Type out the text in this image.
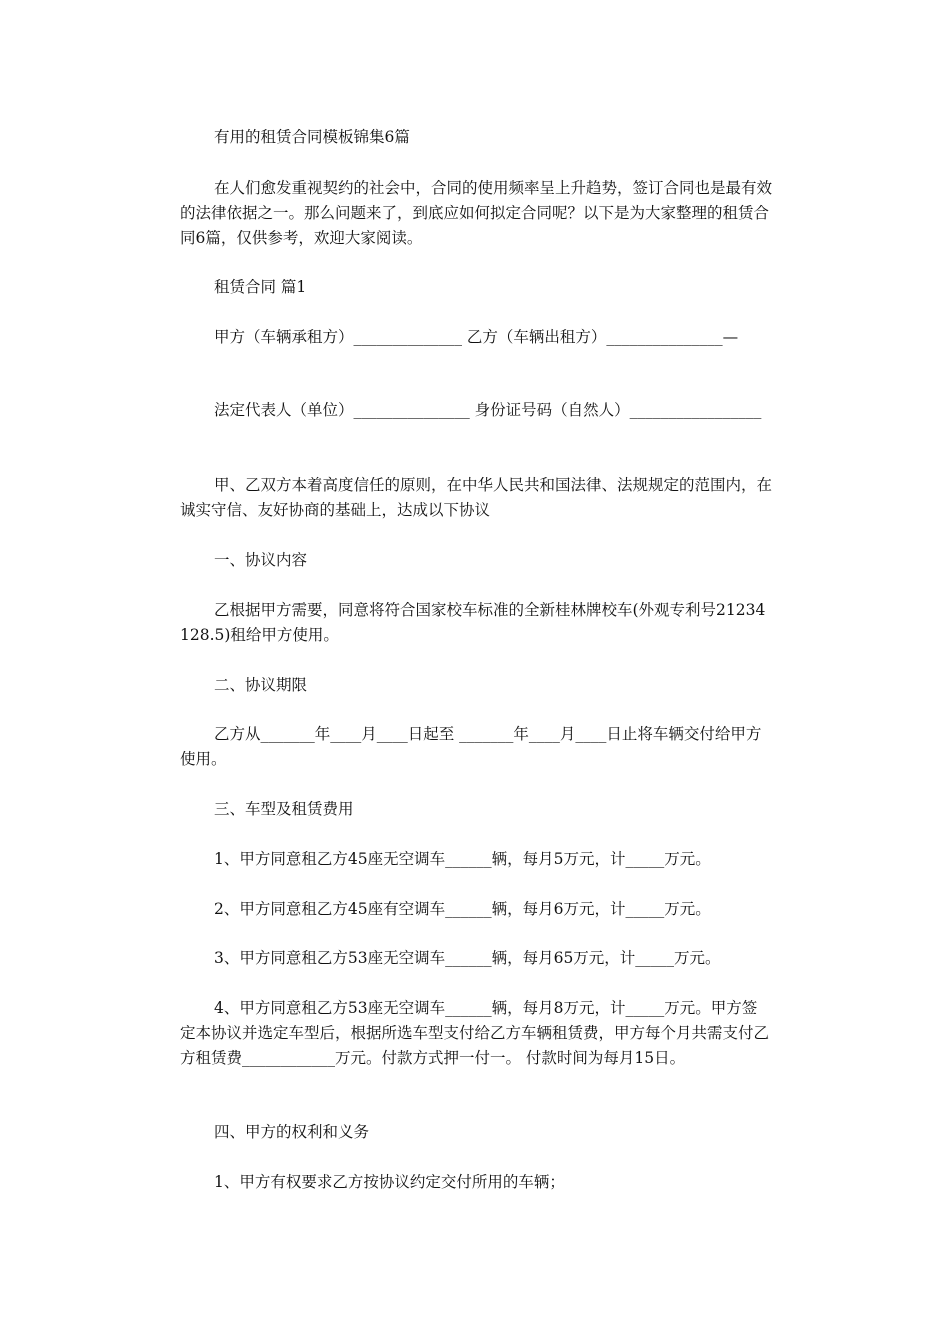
有用的租赁合同模板锦集6篇

在人们愈发重视契约的社会中，合同的使用频率呈上升趋势，签订合同也是最有效的法律依据之一。那么问题来了，到底应如何拟定合同呢？以下是为大家整理的租赁合同6篇，仅供参考，欢迎大家阅读。

租赁合同 篇1

甲方（车辆承租方）______________ 乙方（车辆出租方）_______________—

法定代表人（单位）_______________ 身份证号码（自然人）_________________

甲、乙双方本着高度信任的原则，在中华人民共和国法律、法规规定的范围内，在诚实守信、友好协商的基础上，达成以下协议

一、协议内容

乙根据甲方需要，同意将符合国家校车标准的全新桂林牌校车(外观专利号21234128.5)租给甲方使用。

二、协议期限

乙方从_______年____月____日起至 _______年____月____日止将车辆交付给甲方使用。

三、车型及租赁费用

1、甲方同意租乙方45座无空调车______辆，每月5万元，计_____万元。

2、甲方同意租乙方45座有空调车______辆，每月6万元，计_____万元。

3、甲方同意租乙方53座无空调车______辆，每月65万元，计_____万元。

4、甲方同意租乙方53座无空调车______辆，每月8万元，计_____万元。甲方签定本协议并选定车型后，根据所选车型支付给乙方车辆租赁费，甲方每个月共需支付乙方租赁费____________万元。付款方式押一付一。 付款时间为每月15日。

四、甲方的权利和义务

1、甲方有权要求乙方按协议约定交付所用的车辆；
